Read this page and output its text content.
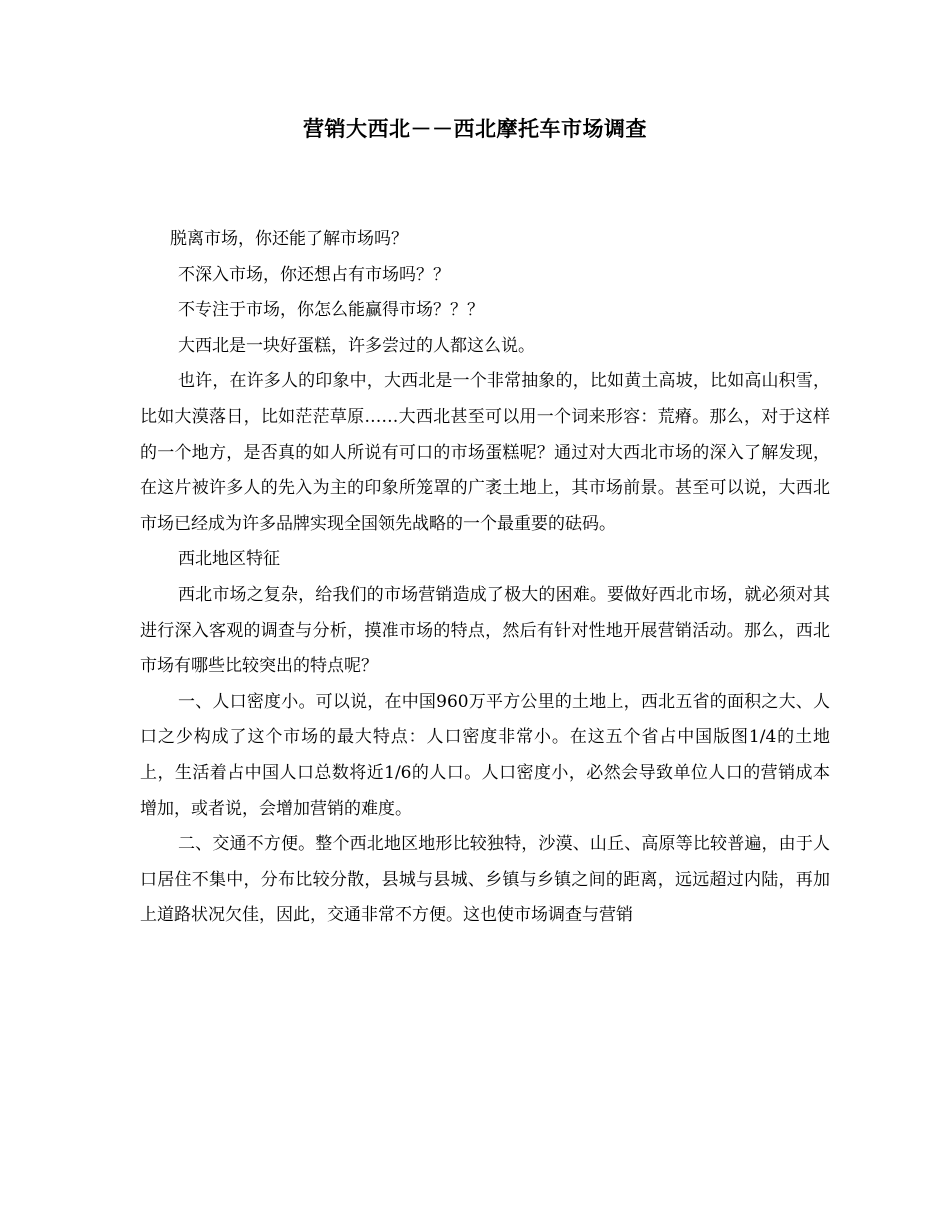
营销大西北－－西北摩托车市场调查

脱离市场，你还能了解市场吗？

不深入市场，你还想占有市场吗？？

不专注于市场，你怎么能赢得市场？？？

大西北是一块好蛋糕，许多尝过的人都这么说。

也许，在许多人的印象中，大西北是一个非常抽象的，比如黄土高坡，比如高山积雪，比如大漠落日，比如茫茫草原……大西北甚至可以用一个词来形容：荒瘠。那么，对于这样的一个地方，是否真的如人所说有可口的市场蛋糕呢？通过对大西北市场的深入了解发现，在这片被许多人的先入为主的印象所笼罩的广袤土地上，其市场前景。甚至可以说，大西北市场已经成为许多品牌实现全国领先战略的一个最重要的砝码。

西北地区特征

西北市场之复杂，给我们的市场营销造成了极大的困难。要做好西北市场，就必须对其进行深入客观的调查与分析，摸准市场的特点，然后有针对性地开展营销活动。那么，西北市场有哪些比较突出的特点呢？

一、人口密度小。可以说，在中国960万平方公里的土地上，西北五省的面积之大、人口之少构成了这个市场的最大特点：人口密度非常小。在这五个省占中国版图1/4的土地上，生活着占中国人口总数将近1/6的人口。人口密度小，必然会导致单位人口的营销成本增加，或者说，会增加营销的难度。

二、交通不方便。整个西北地区地形比较独特，沙漠、山丘、高原等比较普遍，由于人口居住不集中，分布比较分散，县城与县城、乡镇与乡镇之间的距离，远远超过内陆，再加上道路状况欠佳，因此，交通非常不方便。这也使市场调查与营销
